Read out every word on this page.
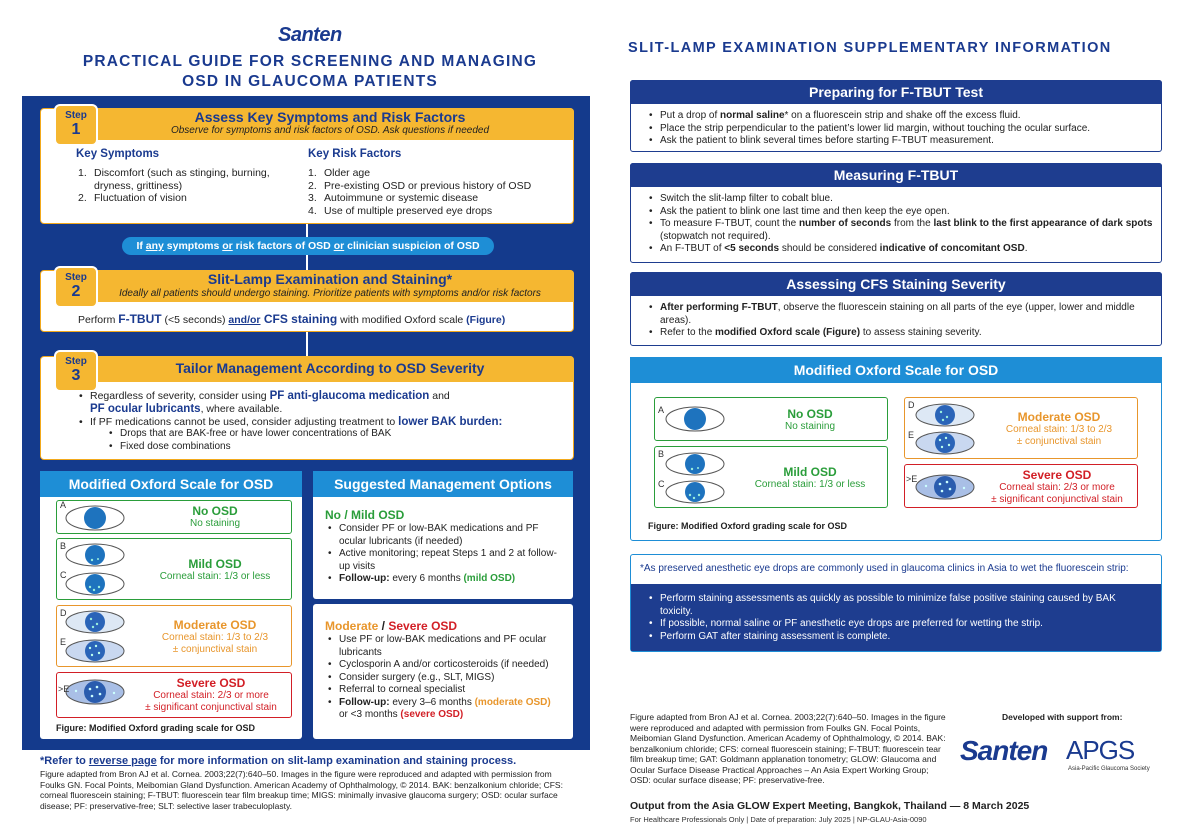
Santen
PRACTICAL GUIDE FOR SCREENING AND MANAGING
OSD IN GLAUCOMA PATIENTS
Step
1
Assess Key Symptoms and Risk Factors
Observe for symptoms and risk factors of OSD. Ask questions if needed
Key Symptoms
1. Discomfort (such as stinging, burning, dryness, grittiness)
2. Fluctuation of vision
Key Risk Factors
1. Older age
2. Pre-existing OSD or previous history of OSD
3. Autoimmune or systemic disease
4. Use of multiple preserved eye drops
If any symptoms or risk factors of OSD or clinician suspicion of OSD
Step
2
Slit-Lamp Examination and Staining*
Ideally all patients should undergo staining. Prioritize patients with symptoms and/or risk factors
Perform F-TBUT (<5 seconds) and/or CFS staining with modified Oxford scale (Figure)
Step
3	Tailor Management According to OSD Severity
• Regardless of severity, consider using PF anti-glaucoma medication and
PF ocular lubricants, where available.
• If PF medications cannot be used, consider adjusting treatment to lower BAK burden:
• Drops that are BAK-free or have lower concentrations of BAK
• Fixed dose combinations
Modified Oxford Scale for OSD
A
B
C
D
E
>E
No OSD
No staining
Mild OSD
Corneal stain: 1/3 or less
Moderate OSD
Corneal stain: 1/3 to 2/3
± conjunctival stain
Severe OSD
Corneal stain: 2/3 or more
± significant conjunctival stain
Figure: Modified Oxford grading scale for OSD
Suggested Management Options
No / Mild OSD
• Consider PF or low-BAK medications and PF ocular lubricants (if needed)
• Active monitoring; repeat Steps 1 and 2 at follow-up visits
• Follow-up: every 6 months (mild OSD)
Moderate / Severe OSD
• Use PF or low-BAK medications and PF ocular lubricants
• Cyclosporin A and/or corticosteroids (if needed)
• Consider surgery (e.g., SLT, MIGS)
• Referral to corneal specialist
• Follow-up: every 3–6 months (moderate OSD)
or <3 months (severe OSD)
*Refer to reverse page for more information on slit-lamp examination and staining process.
Figure adapted from Bron AJ et al. Cornea. 2003;22(7):640–50. Images in the figure were reproduced and adapted with permission from Foulks GN. Focal Points, Meibomian Gland Dysfunction. American Academy of Ophthalmology, © 2014. BAK: benzalkonium chloride; CFS: corneal fluorescein staining; F-TBUT: fluorescein tear film breakup time; MIGS: minimally invasive glaucoma surgery; OSD: ocular surface disease; PF: preservative-free; SLT: selective laser trabeculoplasty.
SLIT-LAMP EXAMINATION SUPPLEMENTARY INFORMATION
Preparing for F-TBUT Test
• Put a drop of normal saline* on a fluorescein strip and shake off the excess fluid.
• Place the strip perpendicular to the patient’s lower lid margin, without touching the ocular surface.
• Ask the patient to blink several times before starting F-TBUT measurement.
Measuring F-TBUT
• Switch the slit-lamp filter to cobalt blue.
• Ask the patient to blink one last time and then keep the eye open.
• To measure F-TBUT, count the number of seconds from the last blink to the first appearance of dark spots (stopwatch not required).
• An F-TBUT of <5 seconds should be considered indicative of concomitant OSD.
Assessing CFS Staining Severity
• After performing F-TBUT, observe the fluorescein staining on all parts of the eye (upper, lower and middle areas).
• Refer to the modified Oxford scale (Figure) to assess staining severity.
Modified Oxford Scale for OSD
A
B
C
D
E
>E
No OSD
No staining
Mild OSD
Corneal stain: 1/3 or less
Moderate OSD
Corneal stain: 1/3 to 2/3
± conjunctival stain
Severe OSD
Corneal stain: 2/3 or more
± significant conjunctival stain
Figure: Modified Oxford grading scale for OSD
*As preserved anesthetic eye drops are commonly used in glaucoma clinics in Asia to wet the fluorescein strip:
• Perform staining assessments as quickly as possible to minimize false positive staining caused by BAK toxicity.
• If possible, normal saline or PF anesthetic eye drops are preferred for wetting the strip.
• Perform GAT after staining assessment is complete.
Figure adapted from Bron AJ et al. Cornea. 2003;22(7):640–50. Images in the figure were reproduced and adapted with permission from Foulks GN. Focal Points, Meibomian Gland Dysfunction. American Academy of Ophthalmology, © 2014. BAK: benzalkonium chloride; CFS: corneal fluorescein staining; F-TBUT: fluorescein tear film breakup time; GAT: Goldmann applanation tonometry; GLOW: Glaucoma and Ocular Surface Disease Practical Approaches – An Asia Expert Working Group; OSD: ocular surface disease; PF: preservative-free.
Developed with support from:
Santen APGS
Asia-Pacific Glaucoma Society
Output from the Asia GLOW Expert Meeting, Bangkok, Thailand — 8 March 2025
For Healthcare Professionals Only | Date of preparation: July 2025 | NP-GLAU-Asia-0090
